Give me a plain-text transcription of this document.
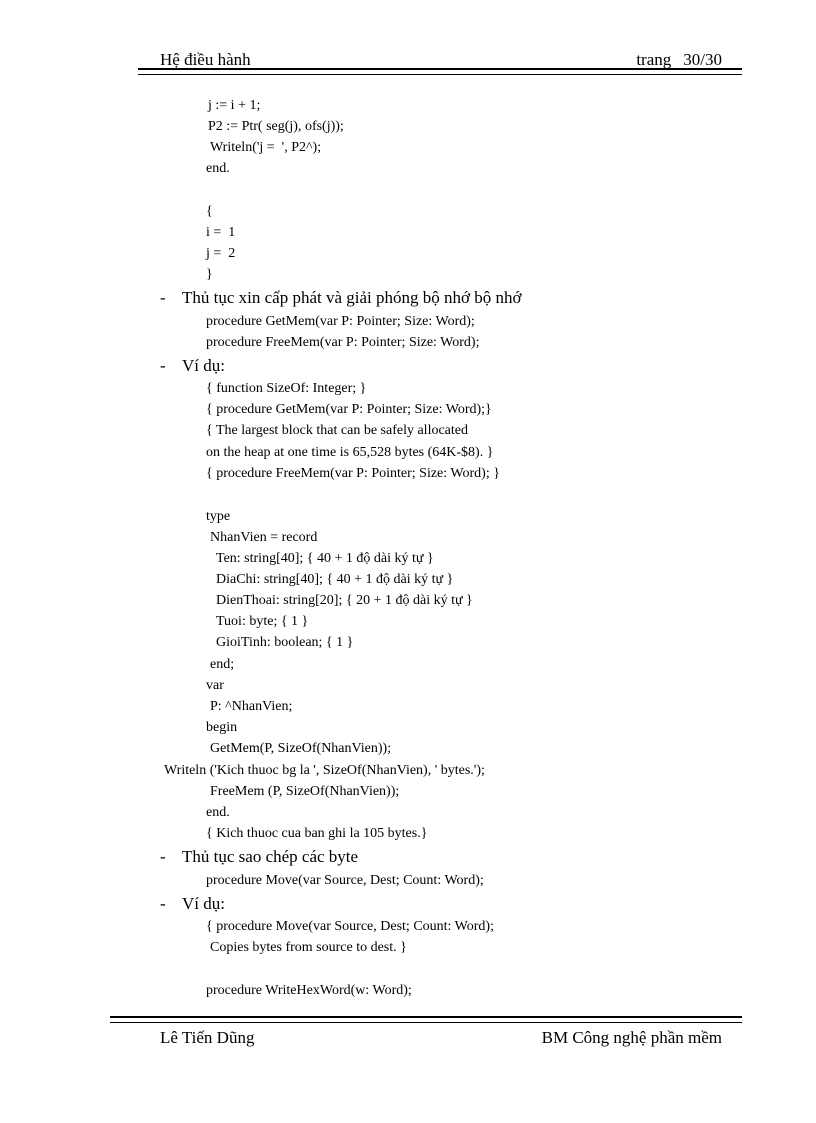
Hệ điều hành	trang 30/30
j := i + 1;
P2 := Ptr( seg(j), ofs(j));
Writeln('j =  ', P2^);
end.
{
i =  1
j =  2
}

-

Thủ tục xin cấp phát và giải phóng bộ nhớ bộ nhớ

procedure GetMem(var P: Pointer; Size: Word);
procedure FreeMem(var P: Pointer; Size: Word);

-

Ví dụ:

{ function SizeOf: Integer; }
{ procedure GetMem(var P: Pointer; Size: Word);}
{ The largest block that can be safely allocated
on the heap at one time is 65,528 bytes (64K-$8). }
{ procedure FreeMem(var P: Pointer; Size: Word); }
type
NhanVien = record
Ten: string[40]; { 40 + 1 độ dài ký tự }
DiaChi: string[40]; { 40 + 1 độ dài ký tự }
DienThoai: string[20]; { 20 + 1 độ dài ký tự }
Tuoi: byte; { 1 }
GioiTinh: boolean; { 1 }
end;
var
P: ^NhanVien;
begin
GetMem(P, SizeOf(NhanVien));
Writeln ('Kich thuoc bg la ', SizeOf(NhanVien), ' bytes.');
FreeMem (P, SizeOf(NhanVien));
end.
{ Kich thuoc cua ban ghi la 105 bytes.}

-

Thủ tục sao chép các byte

procedure Move(var Source, Dest; Count: Word);

-

Ví dụ:

{ procedure Move(var Source, Dest; Count: Word);
Copies bytes from source to dest. }
procedure WriteHexWord(w: Word);
Lê Tiến Dũng	BM Công nghệ phần mềm
